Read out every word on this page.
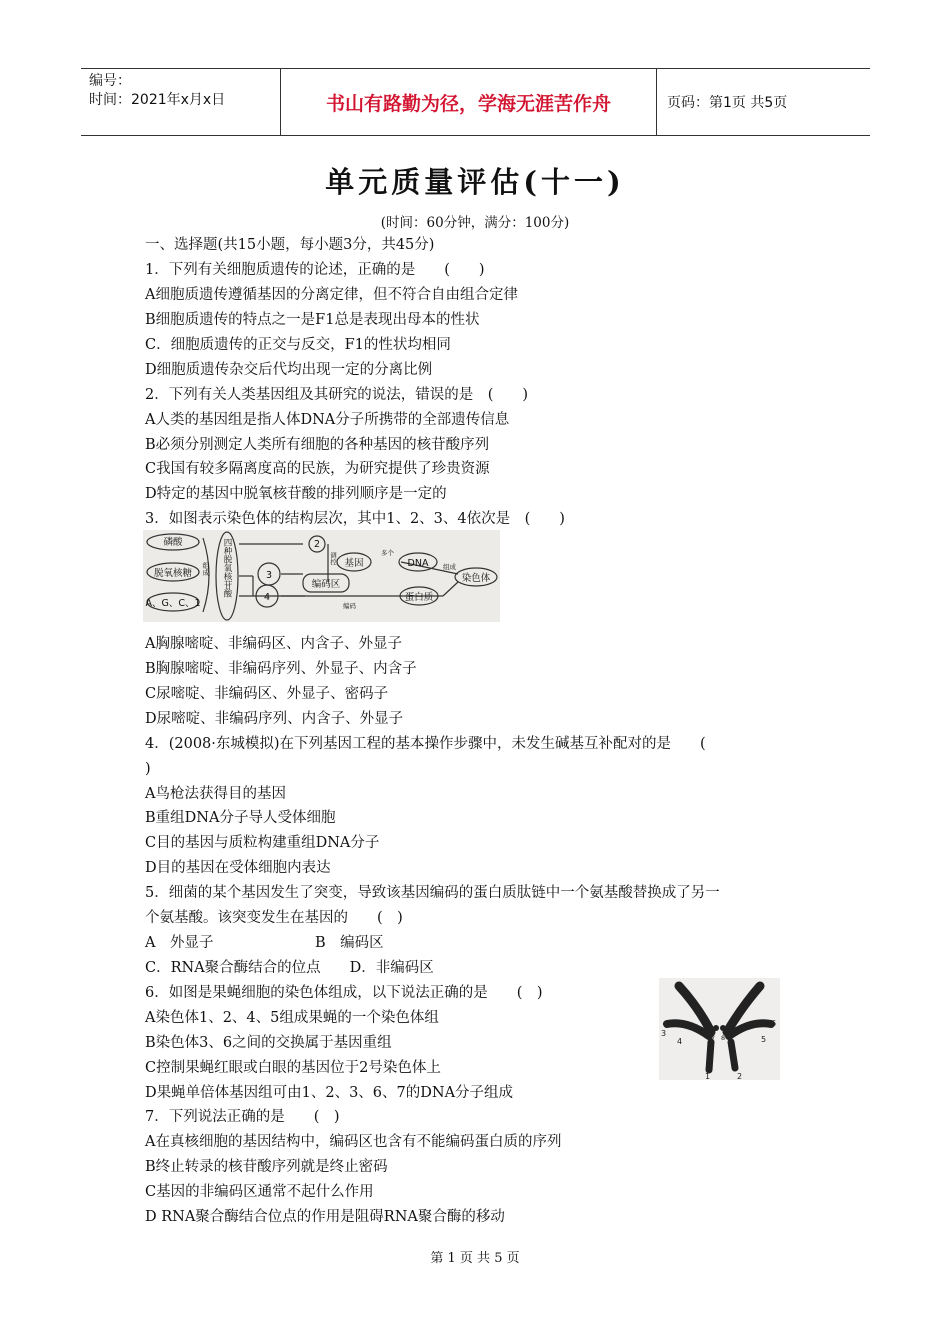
编号：
时间：2021年x月x日	书山有路勤为径，学海无涯苦作舟	页码：第1页 共5页
单元质量评估(十一)
(时间：60分钟，满分：100分)
一、选择题(共15小题，每小题3分，共45分)
1．下列有关细胞质遗传的论述，正确的是　　(　　)
A细胞质遗传遵循基因的分离定律，但不符合自由组合定律
B细胞质遗传的特点之一是F1总是表现出母本的性状
C．细胞质遗传的正交与反交，F1的性状均相同
D细胞质遗传杂交后代均出现一定的分离比例
2．下列有关人类基因组及其研究的说法，错误的是　(　　)
A人类的基因组是指人体DNA分子所携带的全部遗传信息
B必须分别测定人类所有细胞的各种基因的核苷酸序列
C我国有较多隔离度高的民族，为研究提供了珍贵资源
D特定的基因中脱氧核苷酸的排列顺序是一定的
3．如图表示染色体的结构层次，其中1、2、3、4依次是　(　　)
磷酸
脱氧核糖
A、G、C、1
组成 四种脱氧核苷酸	2
调控
3
4
编码区
基因
多个
DNA 组成
染色体
编码
蛋白质
A胸腺嘧啶、非编码区、内含子、外显子
B胸腺嘧啶、非编码序列、外显子、内含子
C尿嘧啶、非编码区、外显子、密码子
D尿嘧啶、非编码序列、内含子、外显子
4．(2008·东城模拟)在下列基因工程的基本操作步骤中，未发生碱基互补配对的是　　(
)
A鸟枪法获得目的基因
B重组DNA分子导人受体细胞
C目的基因与质粒构建重组DNA分子
D目的基因在受体细胞内表达
5．细菌的某个基因发生了突变，导致该基因编码的蛋白质肽链中一个氨基酸替换成了另一
个氨基酸。该突变发生在基因的　　(　)
A　外显子　　　　　　　B　编码区
C．RNA聚合酶结合的位点　　D．非编码区
6．如图是果蝇细胞的染色体组成，以下说法正确的是　　(　)
A染色体1、2、4、5组成果蝇的一个染色体组
B染色体3、6之间的交换属于基因重组
C控制果蝇红眼或白眼的基因位于2号染色体上
D果蝇单倍体基因组可由1、2、3、6、7的DNA分子组成
3
4	5
6
7 8
1	2
7．下列说法正确的是　　(　)
A在真核细胞的基因结构中，编码区也含有不能编码蛋白质的序列
B终止转录的核苷酸序列就是终止密码
C基因的非编码区通常不起什么作用
D RNA聚合酶结合位点的作用是阻碍RNA聚合酶的移动
第 1 页 共 5 页
